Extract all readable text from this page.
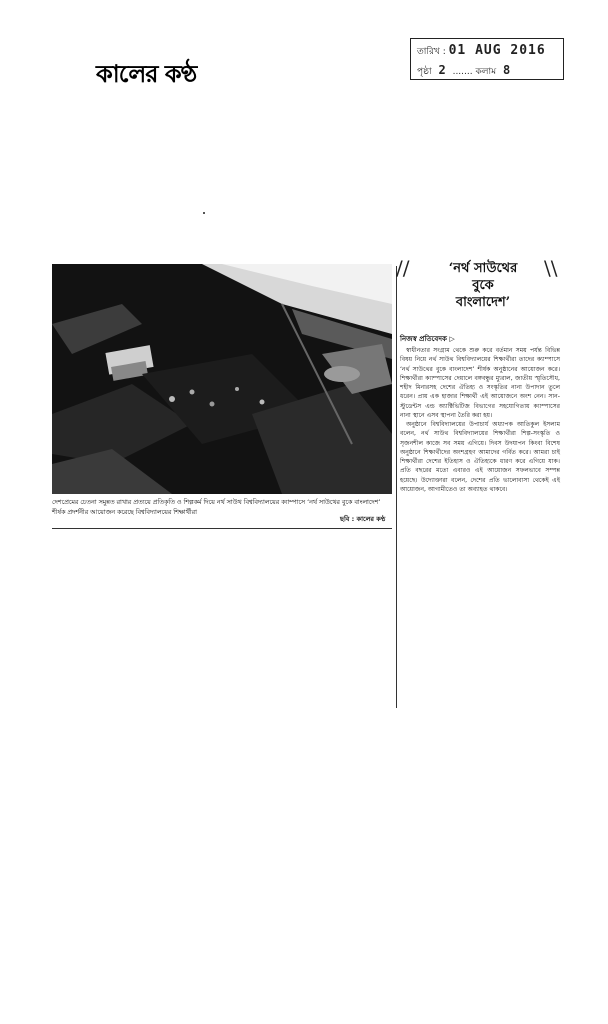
কালের কণ্ঠ
তারিখ : 01 AUG 2016
পৃষ্ঠা 2 ....... কলাম 8
দেশপ্রেমের চেতনা সমুন্নত রাখার প্রত্যয়ে প্রতিকৃতি ও শিল্পকর্ম দিয়ে নর্থ সাউথ বিশ্ববিদ্যালয়ের ক্যাম্পাসে ‘নর্থ সাউথের বুকে বাংলাদেশ’ শীর্ষক প্রদর্শনীর আয়োজন করেছে বিশ্ববিদ্যালয়ের শিক্ষার্থীরা
ছবি : কালের কণ্ঠ
//	\\
‘নর্থ সাউথের
বুকে
বাংলাদেশ’
নিজস্ব প্রতিবেদক ▷

স্বাধীনতার সংগ্রাম থেকে শুরু করে বর্তমান সময় পর্যন্ত বিভিন্ন বিষয় নিয়ে নর্থ সাউথ বিশ্ববিদ্যালয়ের শিক্ষার্থীরা তাদের ক্যাম্পাসে ‘নর্থ সাউথের বুকে বাংলাদেশ’ শীর্ষক অনুষ্ঠানের আয়োজন করে। শিক্ষার্থীরা ক্যাম্পাসের দেয়ালে বঙ্গবন্ধুর ম্যুরাল, জাতীয় স্মৃতিসৌধ, শহীদ মিনারসহ দেশের ঐতিহ্য ও সংস্কৃতির নানা উপাদান তুলে ধরেন। প্রায় এক হাজার শিক্ষার্থী এই আয়োজনে অংশ নেন। সান-স্টুডেন্টস এন্ড অ্যাক্টিভিটিজ বিভাগের সহযোগিতায় ক্যাম্পাসের নানা স্থানে এসব স্থাপনা তৈরি করা হয়।

অনুষ্ঠানে বিশ্ববিদ্যালয়ের উপাচার্য অধ্যাপক আতিকুল ইসলাম বলেন, নর্থ সাউথ বিশ্ববিদ্যালয়ের শিক্ষার্থীরা শিল্প-সংস্কৃতি ও সৃজনশীল কাজে সব সময় এগিয়ে। দিবস উদযাপন কিংবা বিশেষ অনুষ্ঠানে শিক্ষার্থীদের অংশগ্রহণ আমাদের গর্বিত করে। আমরা চাই শিক্ষার্থীরা দেশের ইতিহাস ও ঐতিহ্যকে ধারণ করে এগিয়ে যাক। প্রতি বছরের মতো এবারও এই আয়োজন সফলভাবে সম্পন্ন হয়েছে। উদ্যোক্তারা বলেন, দেশের প্রতি ভালোবাসা থেকেই এই আয়োজন, আগামীতেও তা অব্যাহত থাকবে।
